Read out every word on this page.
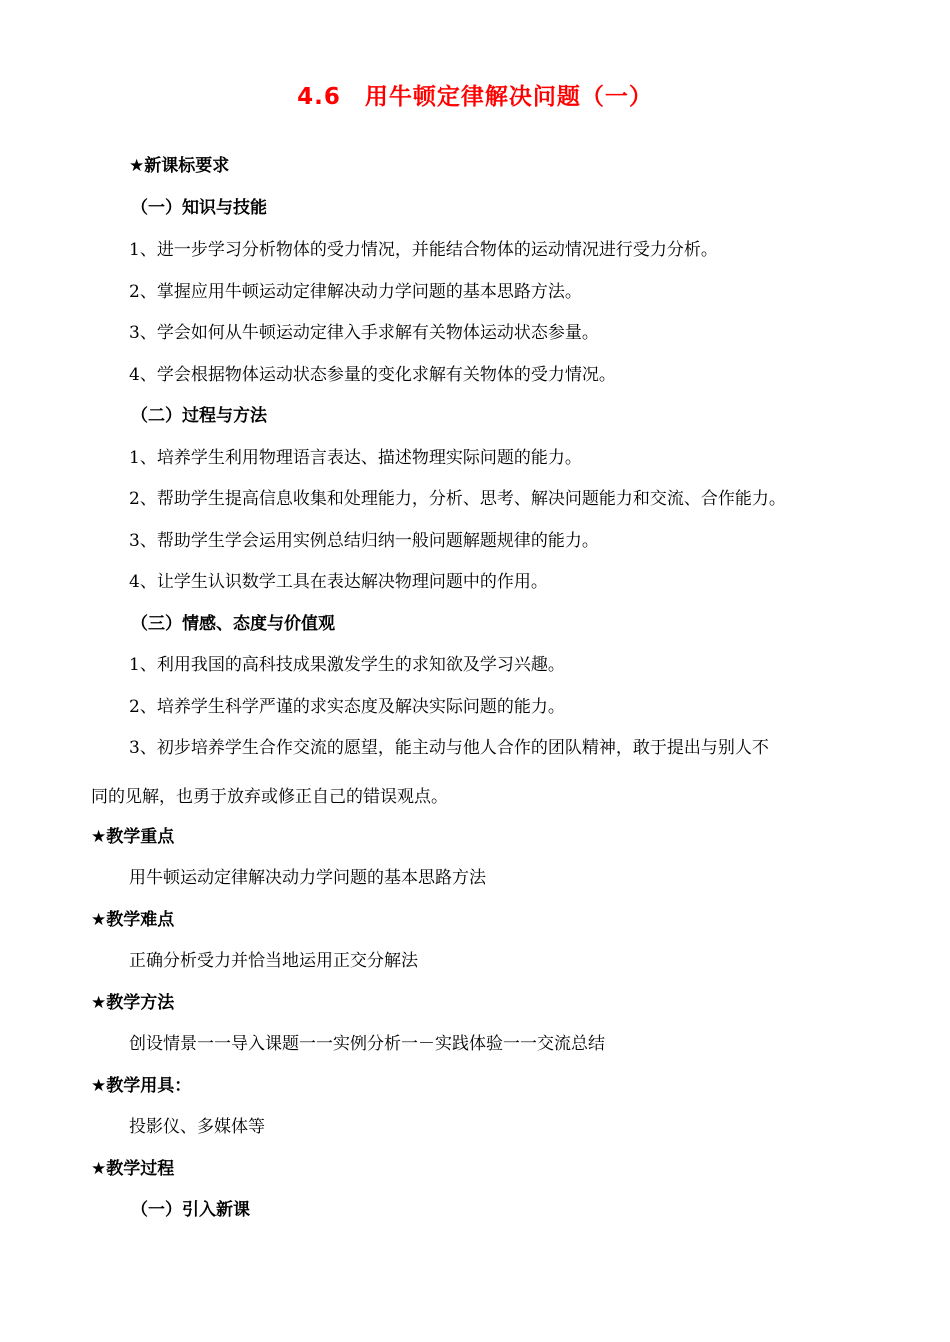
4.6　用牛顿定律解决问题（一）
★新课标要求
（一）知识与技能
1、进一步学习分析物体的受力情况，并能结合物体的运动情况进行受力分析。
2、掌握应用牛顿运动定律解决动力学问题的基本思路方法。
3、学会如何从牛顿运动定律入手求解有关物体运动状态参量。
4、学会根据物体运动状态参量的变化求解有关物体的受力情况。
（二）过程与方法
1、培养学生利用物理语言表达、描述物理实际问题的能力。
2、帮助学生提高信息收集和处理能力，分析、思考、解决问题能力和交流、合作能力。
3、帮助学生学会运用实例总结归纳一般问题解题规律的能力。
4、让学生认识数学工具在表达解决物理问题中的作用。
（三）情感、态度与价值观
1、利用我国的高科技成果激发学生的求知欲及学习兴趣。
2、培养学生科学严谨的求实态度及解决实际问题的能力。
3、初步培养学生合作交流的愿望，能主动与他人合作的团队精神，敢于提出与别人不
同的见解，也勇于放弃或修正自己的错误观点。
★教学重点
用牛顿运动定律解决动力学问题的基本思路方法
★教学难点
正确分析受力并恰当地运用正交分解法
★教学方法
创设情景一一导入课题一一实例分析一－实践体验一一交流总结
★教学用具：
投影仪、多媒体等
★教学过程
（一）引入新课
